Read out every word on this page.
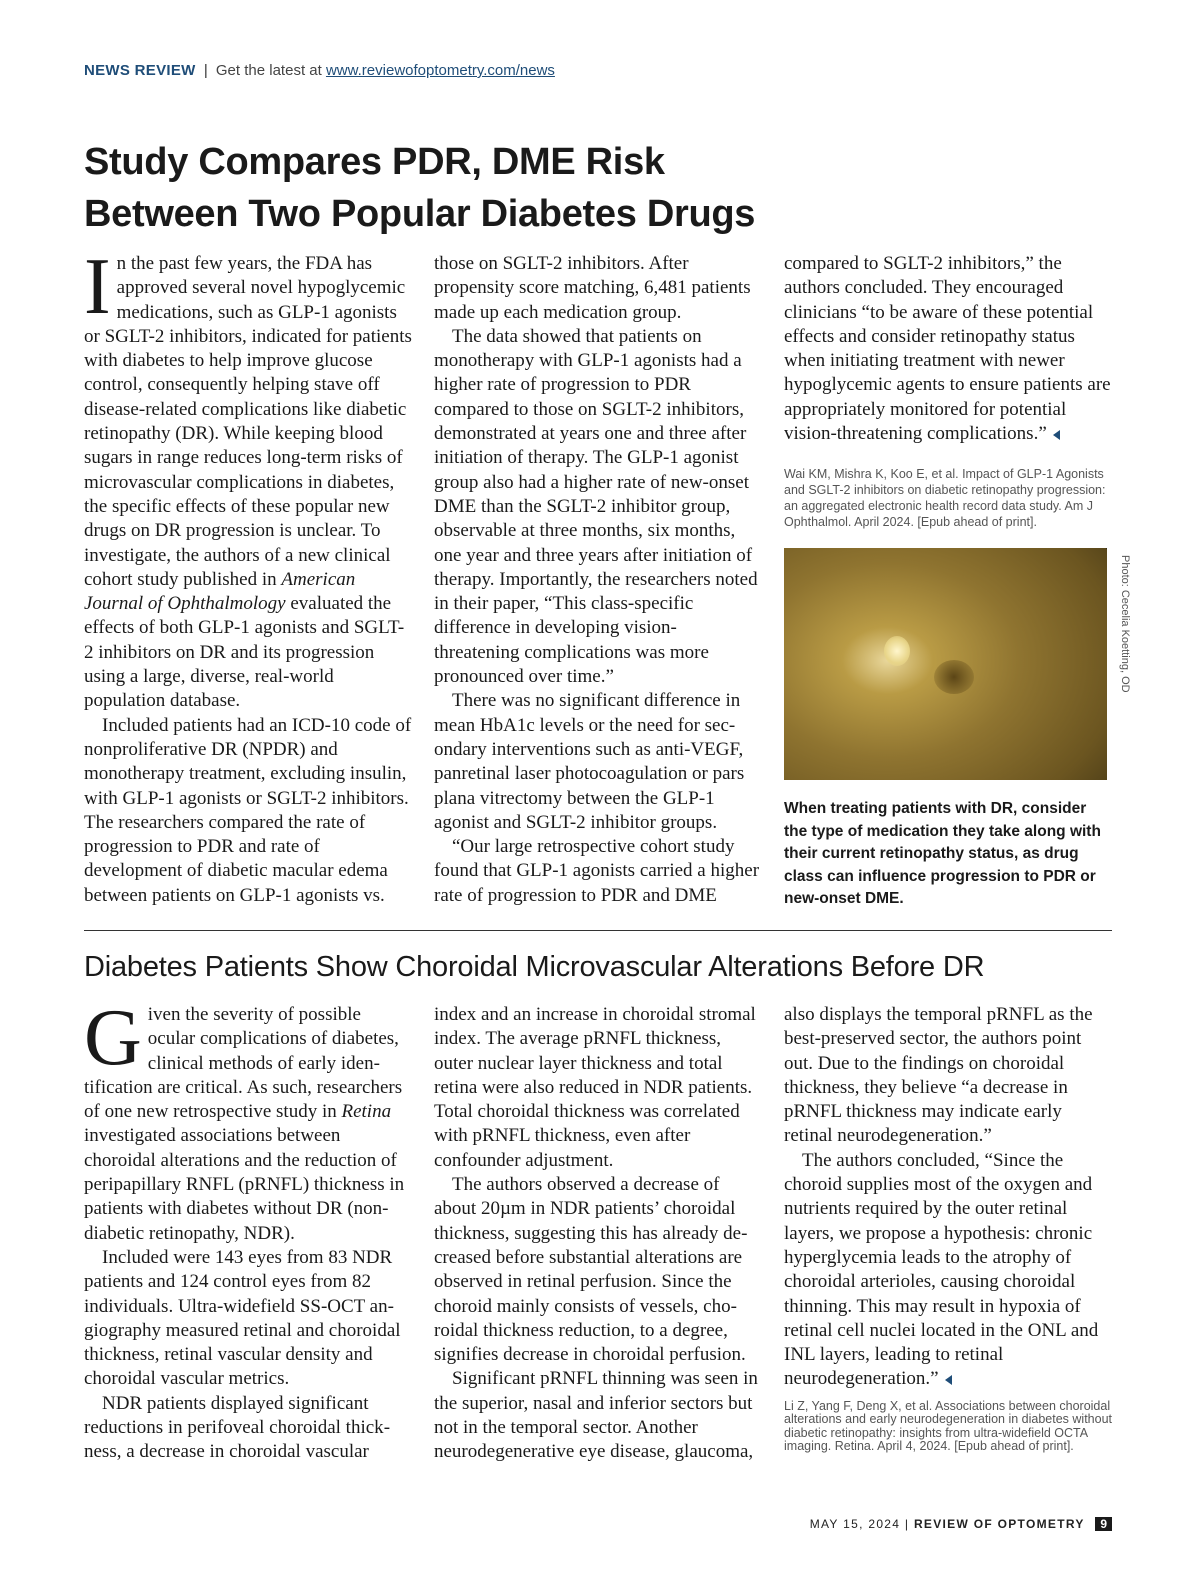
NEWS REVIEW | Get the latest at www.reviewofoptometry.com/news
Study Compares PDR, DME Risk
Between Two Popular Diabetes Drugs

In the past few years, the FDA has approved several novel hypoglycemic medications, such as GLP-1 agonists or SGLT-2 inhibitors, indicated for patients with diabetes to help improve glucose control, consequently helping stave off disease-related complications like diabetic retinopathy (DR). While keeping blood sugars in range reduces long-term risks of microvascular complications in diabetes, the specific effects of these popular new drugs on DR progression is unclear. To investigate, the authors of a new clinical cohort study published in American Journal of Ophthalmology evaluated the effects of both GLP-1 agonists and SGLT-2 inhibitors on DR and its progression using a large, diverse, real-world population database.

Included patients had an ICD-10 code of nonproliferative DR (NPDR) and monotherapy treatment, excluding insulin, with GLP-1 agonists or SGLT-2 inhibitors. The researchers compared the rate of progression to PDR and rate of development of diabetic macular edema between patients on GLP-1 agonists vs. those on SGLT-2 inhibitors. After propensity score matching, 6,481 patients made up each medication group.

The data showed that patients on monotherapy with GLP-1 agonists had a higher rate of progression to PDR compared to those on SGLT-2 inhibitors, demonstrated at years one and three after initiation of therapy. The GLP-1 agonist group also had a higher rate of new-onset DME than the SGLT-2 inhibitor group, observable at three months, six months, one year and three years after initiation of therapy. Importantly, the researchers noted in their paper, “This class-specific difference in developing vision-threatening complications was more pronounced over time.”

There was no significant difference in mean HbA1c levels or the need for secondary interventions such as anti-VEGF, panretinal laser photocoagulation or pars plana vitrectomy between the GLP-1 agonist and SGLT-2 inhibitor groups.

“Our large retrospective cohort study found that GLP-1 agonists carried a higher rate of progression to PDR and DME compared to SGLT-2 inhibitors,” the authors concluded. They encouraged clinicians “to be aware of these potential effects and consider retinopathy status when initiating treatment with newer hypoglycemic agents to ensure patients are appropriately monitored for potential vision-threatening complications.”

Wai KM, Mishra K, Koo E, et al. Impact of GLP-1 Agonists and SGLT-2 inhibitors on diabetic retinopathy progression: an aggregated electronic health record data study. Am J Ophthalmol. April 2024. [Epub ahead of print].

When treating patients with DR, consider the type of medication they take along with their current retinopathy status, as drug class can influence progression to PDR or new-onset DME.

Photo: Cecelia Koetting, OD
Diabetes Patients Show Choroidal Microvascular Alterations Before DR

Given the severity of possible ocular complications of diabetes, clinical methods of early identification are critical. As such, researchers of one new retrospective study in Retina investigated associations between choroidal alterations and the reduction of peripapillary RNFL (pRNFL) thickness in patients with diabetes without DR (non-diabetic retinopathy, NDR).

Included were 143 eyes from 83 NDR patients and 124 control eyes from 82 individuals. Ultra-widefield SS-OCT angiography measured retinal and choroidal thickness, retinal vascular density and choroidal vascular metrics.

NDR patients displayed significant reductions in perifoveal choroidal thickness, a decrease in choroidal vascular index and an increase in choroidal stromal index. The average pRNFL thickness, outer nuclear layer thickness and total retina were also reduced in NDR patients. Total choroidal thickness was correlated with pRNFL thickness, even after confounder adjustment.

The authors observed a decrease of about 20µm in NDR patients’ choroidal thickness, suggesting this has already decreased before substantial alterations are observed in retinal perfusion. Since the choroid mainly consists of vessels, choroidal thickness reduction, to a degree, signifies decrease in choroidal perfusion.

Significant pRNFL thinning was seen in the superior, nasal and inferior sectors but not in the temporal sector. Another neurodegenerative eye disease, glaucoma, also displays the temporal pRNFL as the best-preserved sector, the authors point out. Due to the findings on choroidal thickness, they believe “a decrease in pRNFL thickness may indicate early retinal neurodegeneration.”

The authors concluded, “Since the choroid supplies most of the oxygen and nutrients required by the outer retinal layers, we propose a hypothesis: chronic hyperglycemia leads to the atrophy of choroidal arterioles, causing choroidal thinning. This may result in hypoxia of retinal cell nuclei located in the ONL and INL layers, leading to retinal neurodegeneration.”

Li Z, Yang F, Deng X, et al. Associations between choroidal alterations and early neurodegeneration in diabetes without diabetic retinopathy: insights from ultra-widefield OCTA imaging. Retina. April 4, 2024. [Epub ahead of print].

MAY 15, 2024 | REVIEW OF OPTOMETRY 9
